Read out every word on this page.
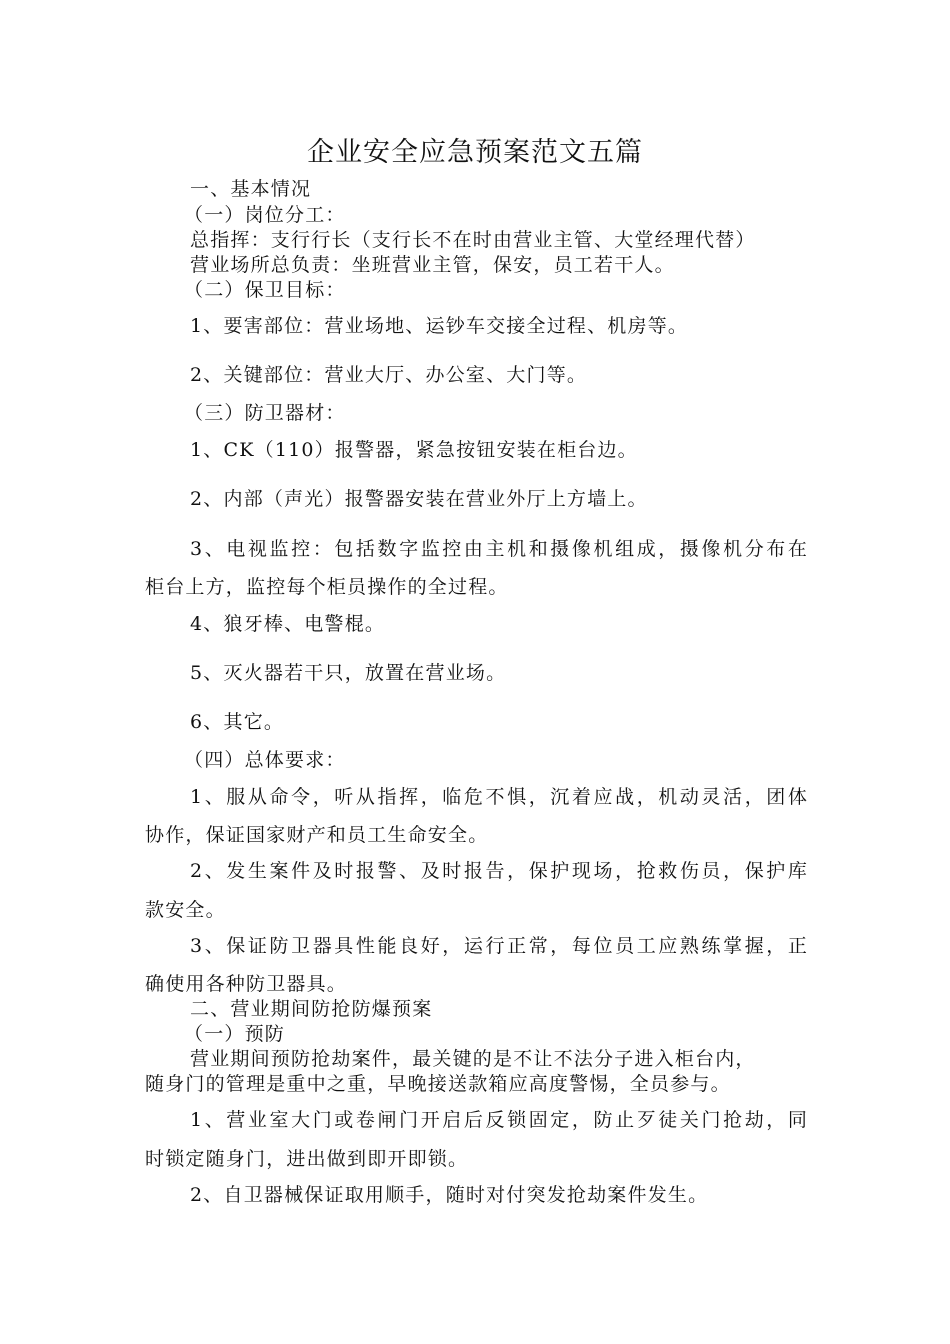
企业安全应急预案范文五篇
一、基本情况
（一）岗位分工：
总指挥：支行行长（支行长不在时由营业主管、大堂经理代替）
营业场所总负责：坐班营业主管，保安，员工若干人。
（二）保卫目标：
1、要害部位：营业场地、运钞车交接全过程、机房等。
2、关键部位：营业大厅、办公室、大门等。
（三）防卫器材：
1、CK（110）报警器，紧急按钮安装在柜台边。
2、内部（声光）报警器安装在营业外厅上方墙上。
3、电视监控：包括数字监控由主机和摄像机组成，摄像机分布在
柜台上方，监控每个柜员操作的全过程。
4、狼牙棒、电警棍。
5、灭火器若干只，放置在营业场。
6、其它。
（四）总体要求：
1、服从命令，听从指挥，临危不惧，沉着应战，机动灵活，团体
协作，保证国家财产和员工生命安全。
2、发生案件及时报警、及时报告，保护现场，抢救伤员，保护库
款安全。
3、保证防卫器具性能良好，运行正常，每位员工应熟练掌握，正
确使用各种防卫器具。
二、营业期间防抢防爆预案
（一）预防
营业期间预防抢劫案件，最关键的是不让不法分子进入柜台内，
随身门的管理是重中之重，早晚接送款箱应高度警惕，全员参与。
1、营业室大门或卷闸门开启后反锁固定，防止歹徒关门抢劫，同
时锁定随身门，进出做到即开即锁。
2、自卫器械保证取用顺手，随时对付突发抢劫案件发生。
